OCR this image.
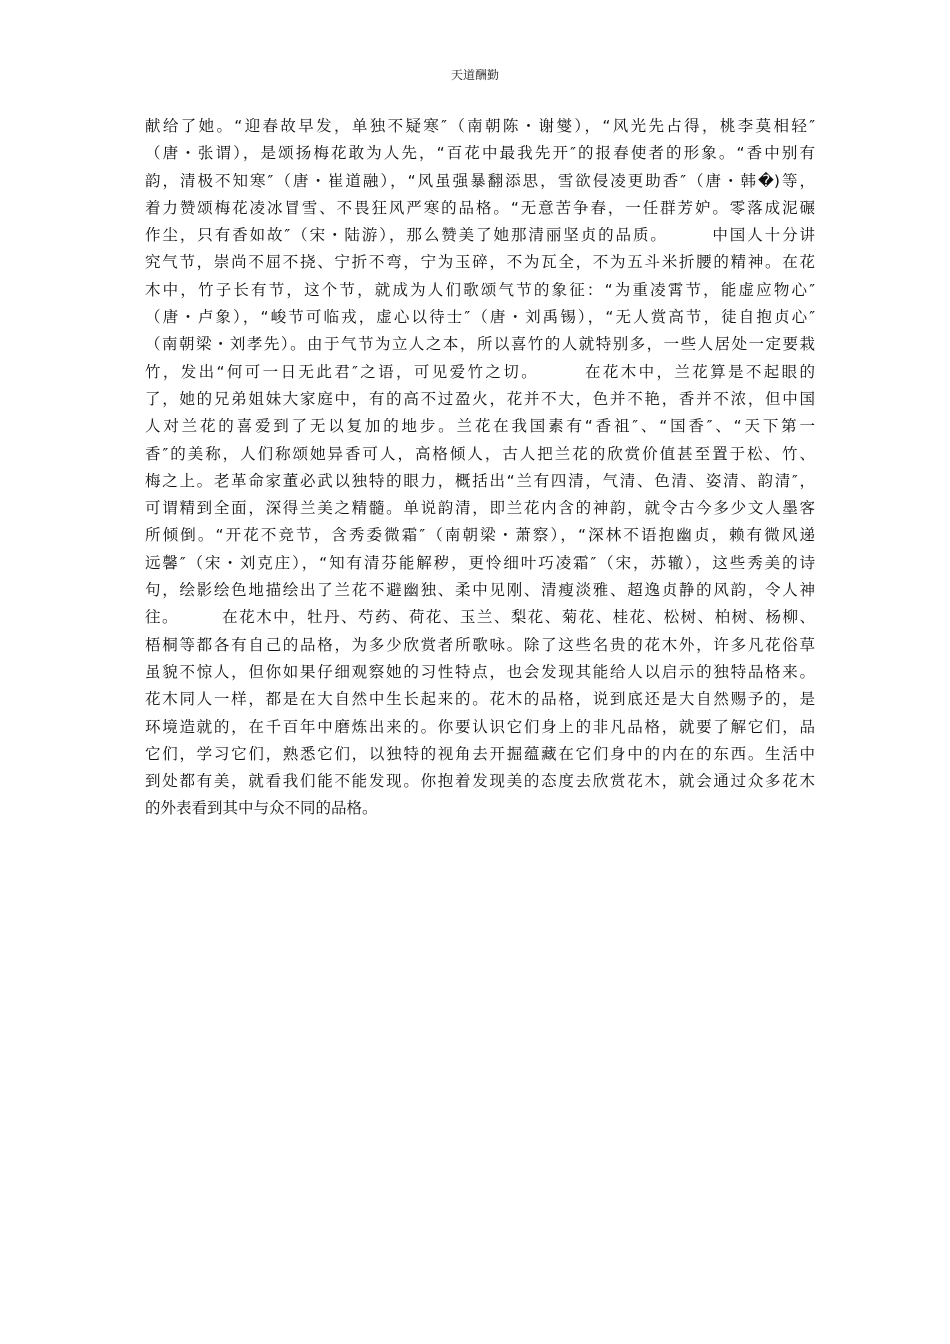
天道酬勤
献给了她。“迎春故早发，单独不疑寒″（南朝陈・谢燮），“风光先占得，桃李莫相轻″
（唐・张谓），是颂扬梅花敢为人先，“百花中最我先开″的报春使者的形象。“香中别有
韵，清极不知寒″（唐・崔道融），“风虽强暴翻添思，雪欲侵凌更助香″（唐・韩�)等，
着力赞颂梅花凌冰冒雪、不畏狂风严寒的品格。“无意苦争春，一任群芳妒。零落成泥碾
作尘，只有香如故″（宋・陆游），那么赞美了她那清丽坚贞的品质。　　　中国人十分讲
究气节，崇尚不屈不挠、宁折不弯，宁为玉碎，不为瓦全，不为五斗米折腰的精神。在花
木中，竹子长有节，这个节，就成为人们歌颂气节的象征：“为重凌霄节，能虚应物心″
（唐・卢象），“峻节可临戎，虚心以待士″（唐・刘禹锡），“无人赏高节，徒自抱贞心″
（南朝梁・刘孝先）。由于气节为立人之本，所以喜竹的人就特别多，一些人居处一定要栽
竹，发出“何可一日无此君″之语，可见爱竹之切。　　　在花木中，兰花算是不起眼的
了，她的兄弟姐妹大家庭中，有的高不过盈火，花并不大，色并不艳，香并不浓，但中国
人对兰花的喜爱到了无以复加的地步。兰花在我国素有“香祖″、“国香″、“天下第一
香″的美称，人们称颂她异香可人，高格倾人，古人把兰花的欣赏价值甚至置于松、竹、
梅之上。老革命家董必武以独特的眼力，概括出“兰有四清，气清、色清、姿清、韵清″，
可谓精到全面，深得兰美之精髓。单说韵清，即兰花内含的神韵，就令古今多少文人墨客
所倾倒。“开花不竞节，含秀委微霜″（南朝梁・萧察），“深林不语抱幽贞，赖有微风递
远馨″（宋・刘克庄），“知有清芬能解秽，更怜细叶巧凌霜″（宋，苏辙），这些秀美的诗
句，绘影绘色地描绘出了兰花不避幽独、柔中见刚、清瘦淡雅、超逸贞静的风韵，令人神
往。　　　在花木中，牡丹、芍药、荷花、玉兰、梨花、菊花、桂花、松树、柏树、杨柳、
梧桐等都各有自己的品格，为多少欣赏者所歌咏。除了这些名贵的花木外，许多凡花俗草
虽貌不惊人，但你如果仔细观察她的习性特点，也会发现其能给人以启示的独特品格来。
花木同人一样，都是在大自然中生长起来的。花木的品格，说到底还是大自然赐予的，是
环境造就的，在千百年中磨炼出来的。你要认识它们身上的非凡品格，就要了解它们，品
它们，学习它们，熟悉它们，以独特的视角去开掘蕴藏在它们身中的内在的东西。生活中
到处都有美，就看我们能不能发现。你抱着发现美的态度去欣赏花木，就会通过众多花木
的外表看到其中与众不同的品格。
